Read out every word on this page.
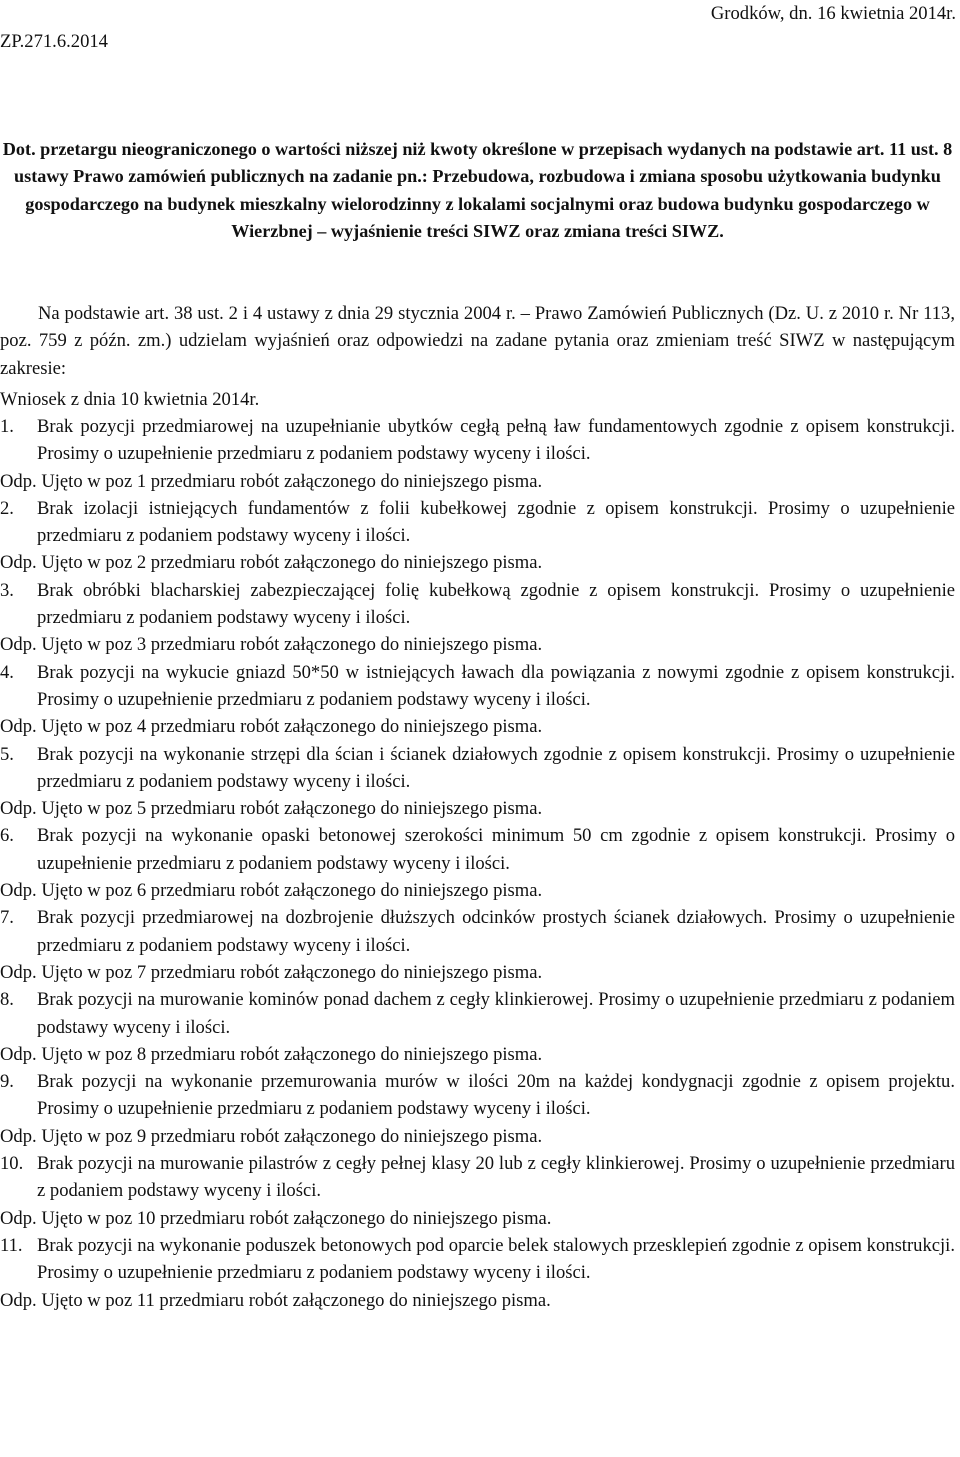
ZP.271.6.2014
Grodków, dn. 16 kwietnia 2014r.
Dot. przetargu nieograniczonego o wartości niższej niż kwoty określone w przepisach wydanych na podstawie art. 11 ust. 8 ustawy Prawo zamówień publicznych na zadanie pn.: Przebudowa, rozbudowa i zmiana sposobu użytkowania budynku gospodarczego na budynek mieszkalny wielorodzinny z lokalami socjalnymi oraz budowa budynku gospodarczego w Wierzbnej – wyjaśnienie treści SIWZ oraz zmiana treści SIWZ.
Na podstawie art. 38 ust. 2 i 4 ustawy z dnia 29 stycznia 2004 r. – Prawo Zamówień Publicznych (Dz. U. z 2010 r. Nr 113, poz. 759 z późn. zm.) udzielam wyjaśnień oraz odpowiedzi na zadane pytania oraz zmieniam treść SIWZ w następującym zakresie:
Wniosek z dnia 10 kwietnia 2014r.
1.	Brak pozycji przedmiarowej na uzupełnianie ubytków cegłą pełną ław fundamentowych zgodnie z opisem konstrukcji. Prosimy o uzupełnienie przedmiaru z podaniem podstawy wyceny i ilości.
Odp. Ujęto w poz 1 przedmiaru robót załączonego do niniejszego pisma.
2.	Brak izolacji istniejących fundamentów z folii kubełkowej zgodnie z opisem konstrukcji. Prosimy o uzupełnienie przedmiaru z podaniem podstawy wyceny i ilości.
Odp. Ujęto w poz 2 przedmiaru robót załączonego do niniejszego pisma.
3.	Brak obróbki blacharskiej zabezpieczającej folię kubełkową zgodnie z opisem konstrukcji. Prosimy o uzupełnienie przedmiaru z podaniem podstawy wyceny i ilości.
Odp. Ujęto w poz 3 przedmiaru robót załączonego do niniejszego pisma.
4.	Brak pozycji na wykucie gniazd 50*50 w istniejących ławach dla powiązania z nowymi zgodnie z opisem konstrukcji. Prosimy o uzupełnienie przedmiaru z podaniem podstawy wyceny i ilości.
Odp. Ujęto w poz 4 przedmiaru robót załączonego do niniejszego pisma.
5.	Brak pozycji na wykonanie strzępi dla ścian i ścianek działowych zgodnie z opisem konstrukcji. Prosimy o uzupełnienie przedmiaru z podaniem podstawy wyceny i ilości.
Odp. Ujęto w poz 5 przedmiaru robót załączonego do niniejszego pisma.
6.	Brak pozycji na wykonanie opaski betonowej szerokości minimum 50 cm zgodnie z opisem konstrukcji. Prosimy o uzupełnienie przedmiaru z podaniem podstawy wyceny i ilości.
Odp. Ujęto w poz 6 przedmiaru robót załączonego do niniejszego pisma.
7.	Brak pozycji przedmiarowej na dozbrojenie dłuższych odcinków prostych ścianek działowych. Prosimy o uzupełnienie przedmiaru z podaniem podstawy wyceny i ilości.
Odp. Ujęto w poz 7 przedmiaru robót załączonego do niniejszego pisma.
8.	Brak pozycji na murowanie kominów ponad dachem z cegły klinkierowej. Prosimy o uzupełnienie przedmiaru z podaniem podstawy wyceny i ilości.
Odp. Ujęto w poz 8 przedmiaru robót załączonego do niniejszego pisma.
9.	Brak pozycji na wykonanie przemurowania murów w ilości 20m na każdej kondygnacji zgodnie z opisem projektu. Prosimy o uzupełnienie przedmiaru z podaniem podstawy wyceny i ilości.
Odp. Ujęto w poz 9 przedmiaru robót załączonego do niniejszego pisma.
10. Brak pozycji na murowanie pilastrów z cegły pełnej klasy 20 lub z cegły klinkierowej. Prosimy o uzupełnienie przedmiaru z podaniem podstawy wyceny i ilości.
Odp. Ujęto w poz 10 przedmiaru robót załączonego do niniejszego pisma.
11. Brak pozycji na wykonanie poduszek betonowych pod oparcie belek stalowych przesklepień zgodnie z opisem konstrukcji. Prosimy o uzupełnienie przedmiaru z podaniem podstawy wyceny i ilości.
Odp. Ujęto w poz 11 przedmiaru robót załączonego do niniejszego pisma.
